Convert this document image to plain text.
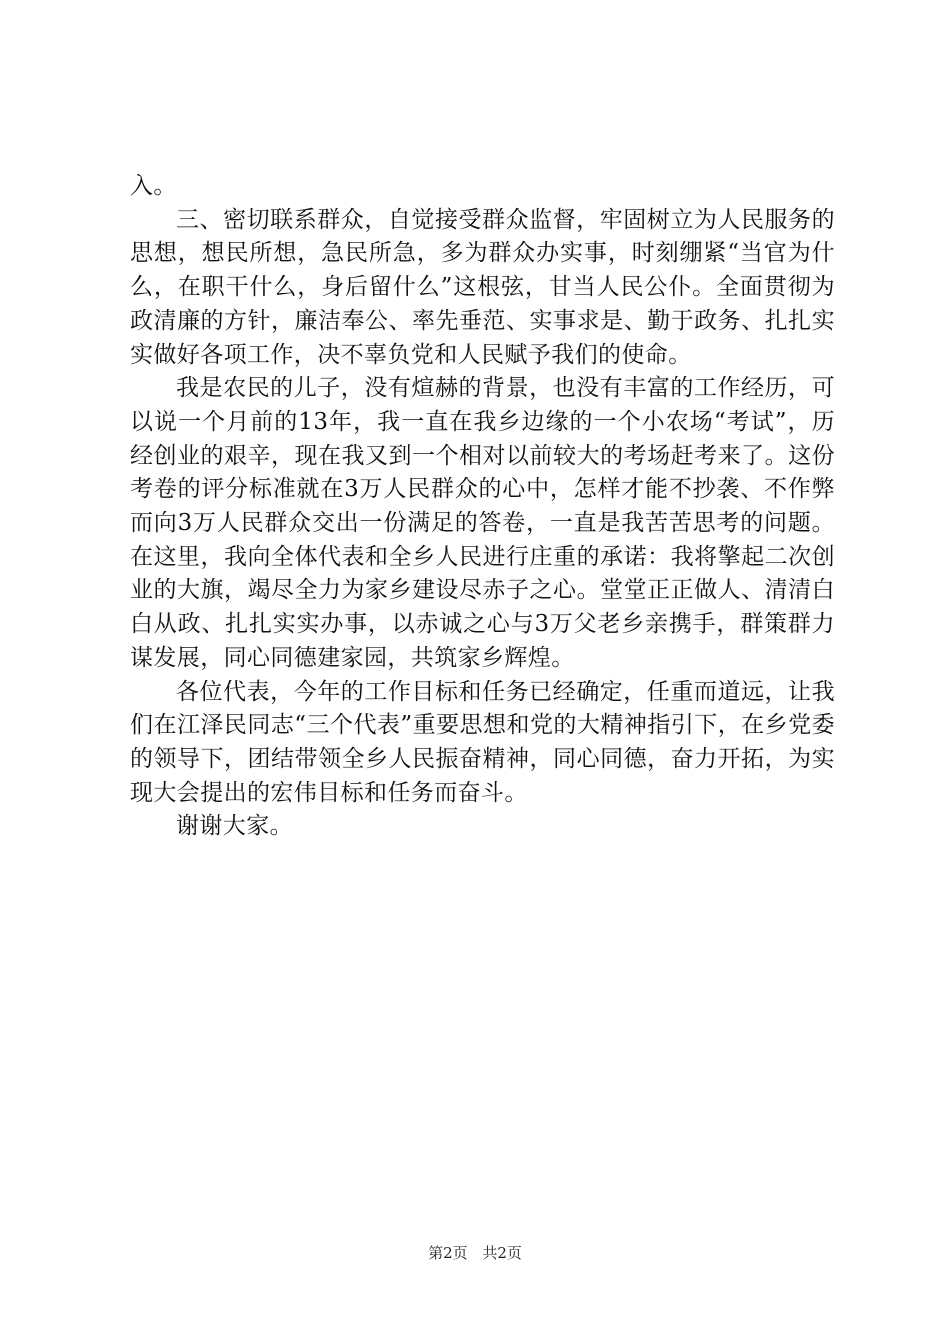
入。

三、密切联系群众，自觉接受群众监督，牢固树立为人民服务的思想，想民所想，急民所急，多为群众办实事，时刻绷紧“当官为什么，在职干什么，身后留什么”这根弦，甘当人民公仆。全面贯彻为政清廉的方针，廉洁奉公、率先垂范、实事求是、勤于政务、扎扎实实做好各项工作，决不辜负党和人民赋予我们的使命。

我是农民的儿子，没有煊赫的背景，也没有丰富的工作经历，可以说一个月前的13年，我一直在我乡边缘的一个小农场“考试”，历经创业的艰辛，现在我又到一个相对以前较大的考场赶考来了。这份考卷的评分标准就在3万人民群众的心中，怎样才能不抄袭、不作弊而向3万人民群众交出一份满足的答卷，一直是我苦苦思考的问题。在这里，我向全体代表和全乡人民进行庄重的承诺：我将擎起二次创业的大旗，竭尽全力为家乡建设尽赤子之心。堂堂正正做人、清清白白从政、扎扎实实办事，以赤诚之心与3万父老乡亲携手，群策群力谋发展，同心同德建家园，共筑家乡辉煌。

各位代表，今年的工作目标和任务已经确定，任重而道远，让我们在江泽民同志“三个代表”重要思想和党的大精神指引下，在乡党委的领导下，团结带领全乡人民振奋精神，同心同德，奋力开拓，为实现大会提出的宏伟目标和任务而奋斗。

谢谢大家。

第2页 共2页
